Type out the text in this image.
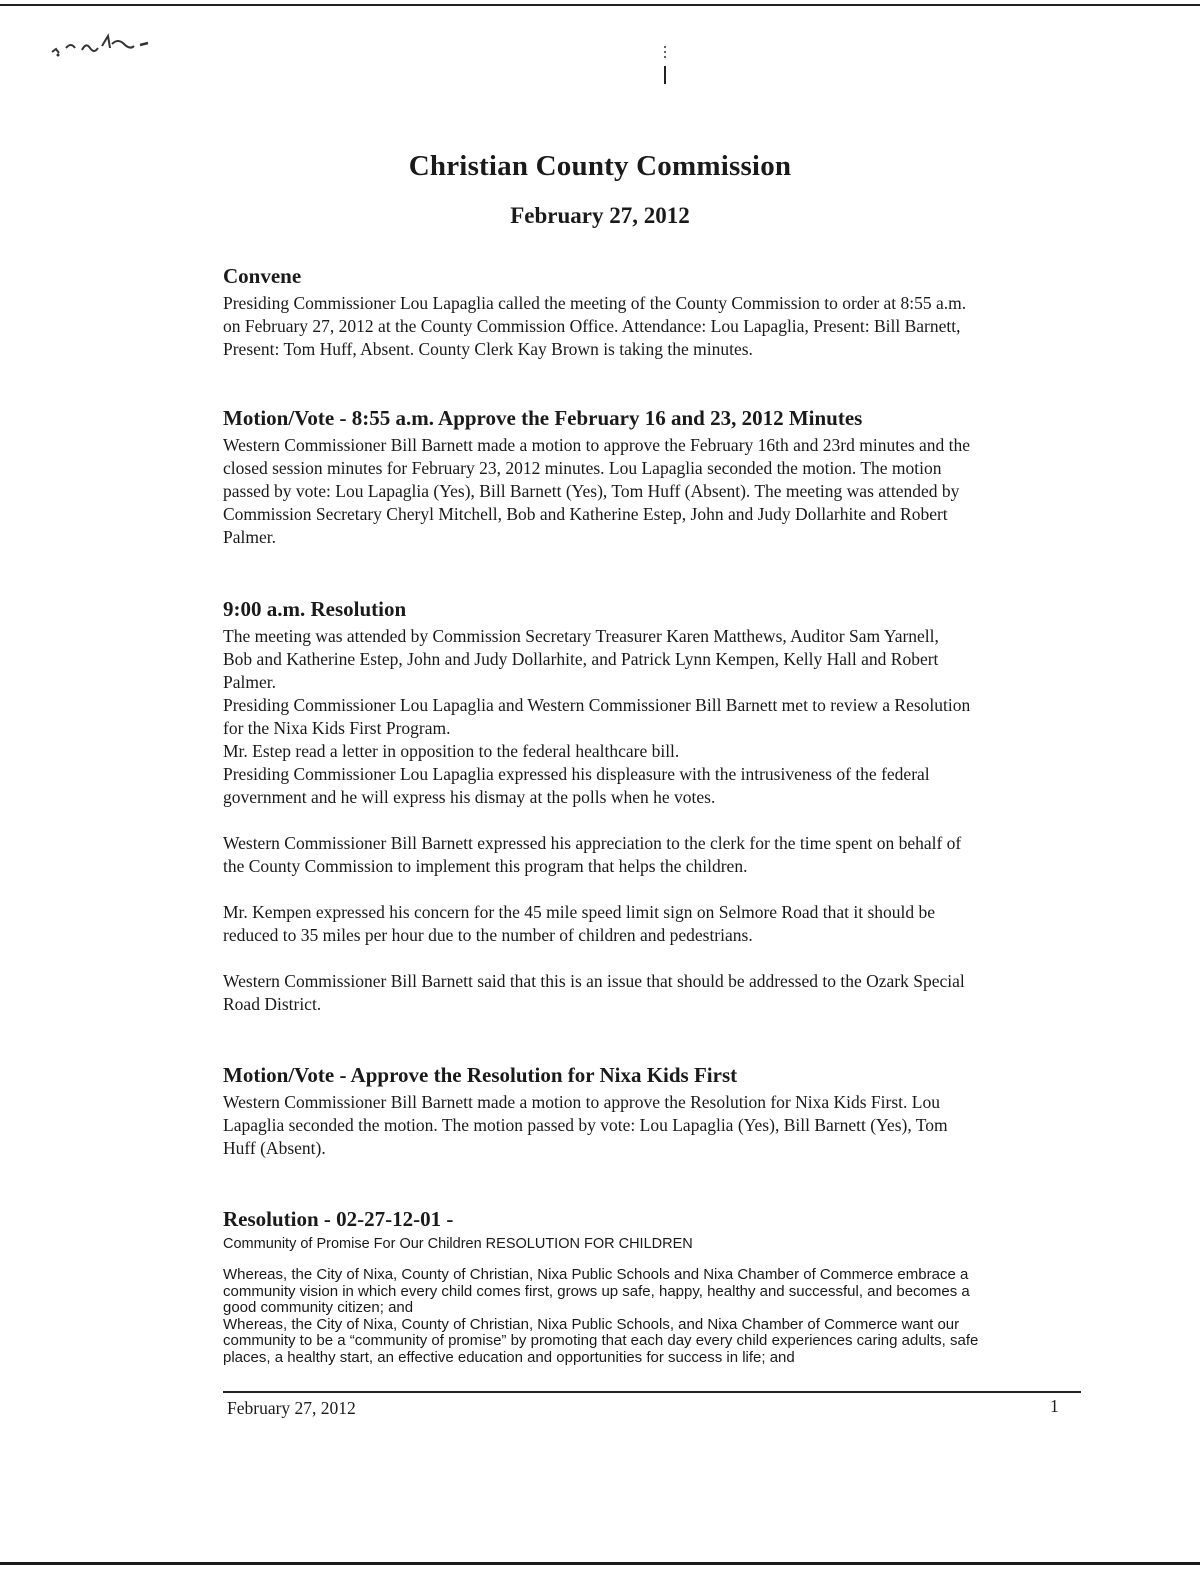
Christian County Commission
February 27, 2012
Convene
Presiding Commissioner Lou Lapaglia called the meeting of the County Commission to order at 8:55 a.m.
on February 27, 2012 at the County Commission Office. Attendance: Lou Lapaglia, Present: Bill Barnett,
Present: Tom Huff, Absent. County Clerk Kay Brown is taking the minutes.
Motion/Vote - 8:55 a.m. Approve the February 16 and 23, 2012 Minutes
Western Commissioner Bill Barnett made a motion to approve the February 16th and 23rd minutes and the
closed session minutes for February 23, 2012 minutes. Lou Lapaglia seconded the motion. The motion
passed by vote: Lou Lapaglia (Yes), Bill Barnett (Yes), Tom Huff (Absent). The meeting was attended by
Commission Secretary Cheryl Mitchell, Bob and Katherine Estep, John and Judy Dollarhite and Robert
Palmer.
9:00 a.m. Resolution
The meeting was attended by Commission Secretary Treasurer Karen Matthews, Auditor Sam Yarnell,
Bob and Katherine Estep, John and Judy Dollarhite, and Patrick Lynn Kempen, Kelly Hall and Robert
Palmer.
Presiding Commissioner Lou Lapaglia and Western Commissioner Bill Barnett met to review a Resolution
for the Nixa Kids First Program.
Mr. Estep read a letter in opposition to the federal healthcare bill.
Presiding Commissioner Lou Lapaglia expressed his displeasure with the intrusiveness of the federal
government and he will express his dismay at the polls when he votes.
Western Commissioner Bill Barnett expressed his appreciation to the clerk for the time spent on behalf of
the County Commission to implement this program that helps the children.
Mr. Kempen expressed his concern for the 45 mile speed limit sign on Selmore Road that it should be
reduced to 35 miles per hour due to the number of children and pedestrians.
Western Commissioner Bill Barnett said that this is an issue that should be addressed to the Ozark Special
Road District.
Motion/Vote - Approve the Resolution for Nixa Kids First
Western Commissioner Bill Barnett made a motion to approve the Resolution for Nixa Kids First. Lou
Lapaglia seconded the motion. The motion passed by vote: Lou Lapaglia (Yes), Bill Barnett (Yes), Tom
Huff (Absent).
Resolution - 02-27-12-01 -
Community of Promise For Our Children RESOLUTION FOR CHILDREN
Whereas, the City of Nixa, County of Christian, Nixa Public Schools and Nixa Chamber of Commerce embrace a
community vision in which every child comes first, grows up safe, happy, healthy and successful, and becomes a
good community citizen; and
Whereas, the City of Nixa, County of Christian, Nixa Public Schools, and Nixa Chamber of Commerce want our
community to be a “community of promise” by promoting that each day every child experiences caring adults, safe
places, a healthy start, an effective education and opportunities for success in life; and
February 27, 2012	1
